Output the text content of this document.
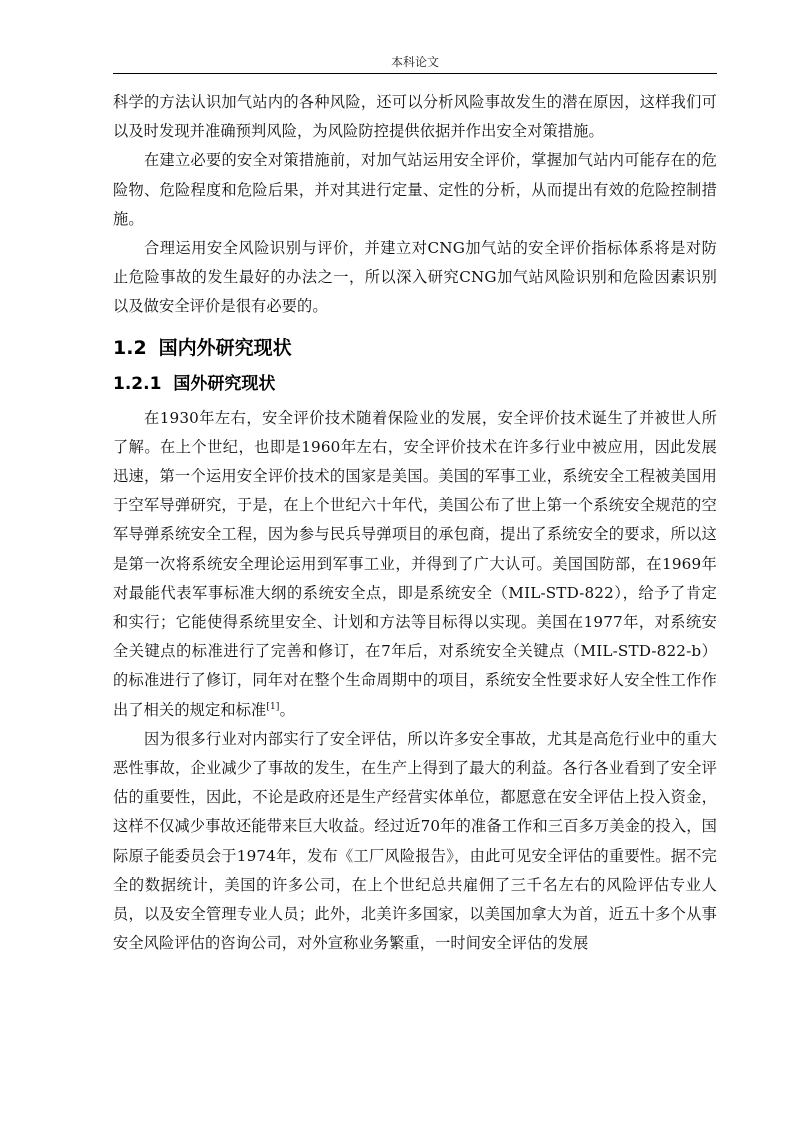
本科论文

科学的方法认识加气站内的各种风险，还可以分析风险事故发生的潜在原因，这样我们可以及时发现并准确预判风险，为风险防控提供依据并作出安全对策措施。

在建立必要的安全对策措施前，对加气站运用安全评价，掌握加气站内可能存在的危险物、危险程度和危险后果，并对其进行定量、定性的分析，从而提出有效的危险控制措施。

合理运用安全风险识别与评价，并建立对CNG加气站的安全评价指标体系将是对防止危险事故的发生最好的办法之一，所以深入研究CNG加气站风险识别和危险因素识别以及做安全评价是很有必要的。

1.2 国内外研究现状
1.2.1 国外研究现状

在1930年左右，安全评价技术随着保险业的发展，安全评价技术诞生了并被世人所了解。在上个世纪，也即是1960年左右，安全评价技术在许多行业中被应用，因此发展迅速，第一个运用安全评价技术的国家是美国。美国的军事工业，系统安全工程被美国用于空军导弹研究，于是，在上个世纪六十年代，美国公布了世上第一个系统安全规范的空军导弹系统安全工程，因为参与民兵导弹项目的承包商，提出了系统安全的要求，所以这是第一次将系统安全理论运用到军事工业，并得到了广大认可。美国国防部，在1969年对最能代表军事标准大纲的系统安全点，即是系统安全（MIL-STD-822），给予了肯定和实行；它能使得系统里安全、计划和方法等目标得以实现。美国在1977年，对系统安全关键点的标准进行了完善和修订，在7年后，对系统安全关键点（MIL-STD-822-b）的标准进行了修订，同年对在整个生命周期中的项目，系统安全性要求好人安全性工作作出了相关的规定和标准[1]。

因为很多行业对内部实行了安全评估，所以许多安全事故，尤其是高危行业中的重大恶性事故，企业减少了事故的发生，在生产上得到了最大的利益。各行各业看到了安全评估的重要性，因此，不论是政府还是生产经营实体单位，都愿意在安全评估上投入资金，这样不仅减少事故还能带来巨大收益。经过近70年的准备工作和三百多万美金的投入，国际原子能委员会于1974年，发布《工厂风险报告》，由此可见安全评估的重要性。据不完全的数据统计，美国的许多公司，在上个世纪总共雇佣了三千名左右的风险评估专业人员，以及安全管理专业人员；此外，北美许多国家，以美国加拿大为首，近五十多个从事安全风险评估的咨询公司，对外宣称业务繁重，一时间安全评估的发展
